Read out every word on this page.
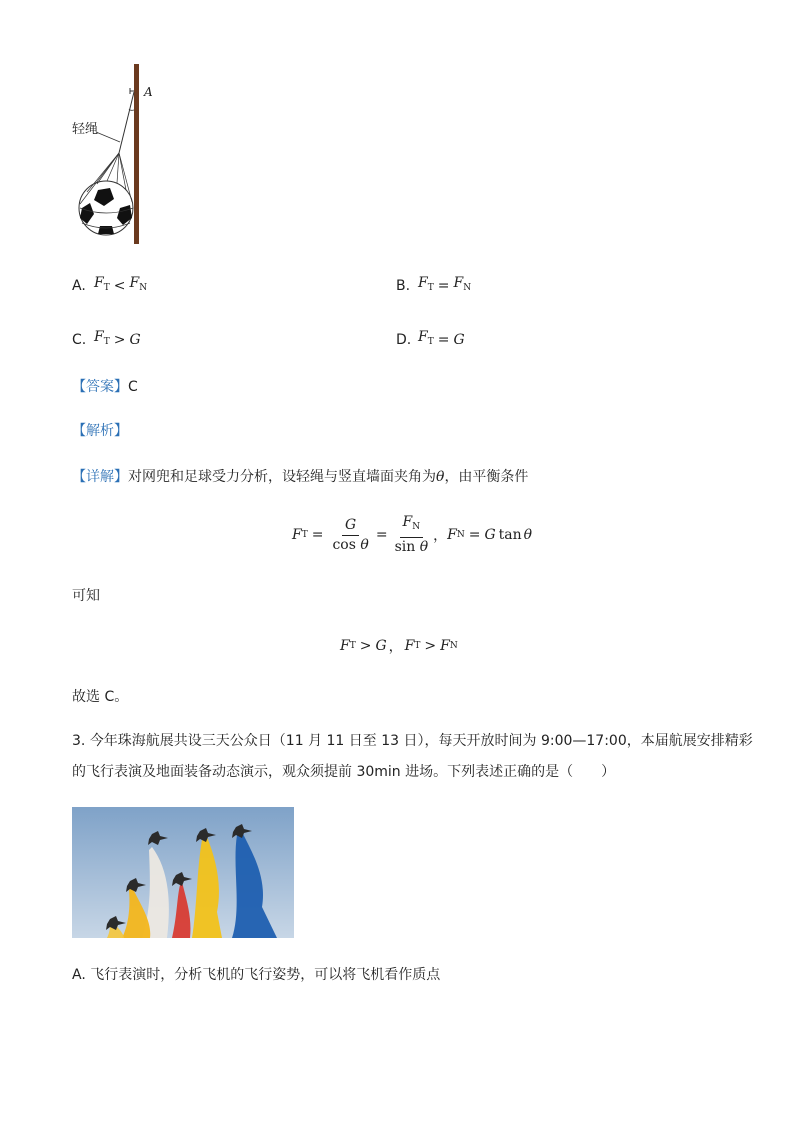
A
轻绳
A. $F_T < F_N$	B. $F_T = F_N$
C. $F_T > G$	D. $F_T = G$
【答案】C
【解析】
【详解】对网兜和足球受力分析，设轻绳与竖直墙面夹角为θ，由平衡条件
F $T = \frac{G}{\text{cos θ}} = \frac{F_N}{\text{sin θ}}$ ， F N = G tan θ
可知
F T > G ， F T > F N
故选 C。
3. 今年珠海航展共设三天公众日（11 月 11 日至 13 日），每天开放时间为 9:00—17:00，本届航展安排精彩
的飞行表演及地面装备动态演示，观众须提前 30min 进场。下列表述正确的是（　　）
A. 飞行表演时，分析飞机的飞行姿势，可以将飞机看作质点
